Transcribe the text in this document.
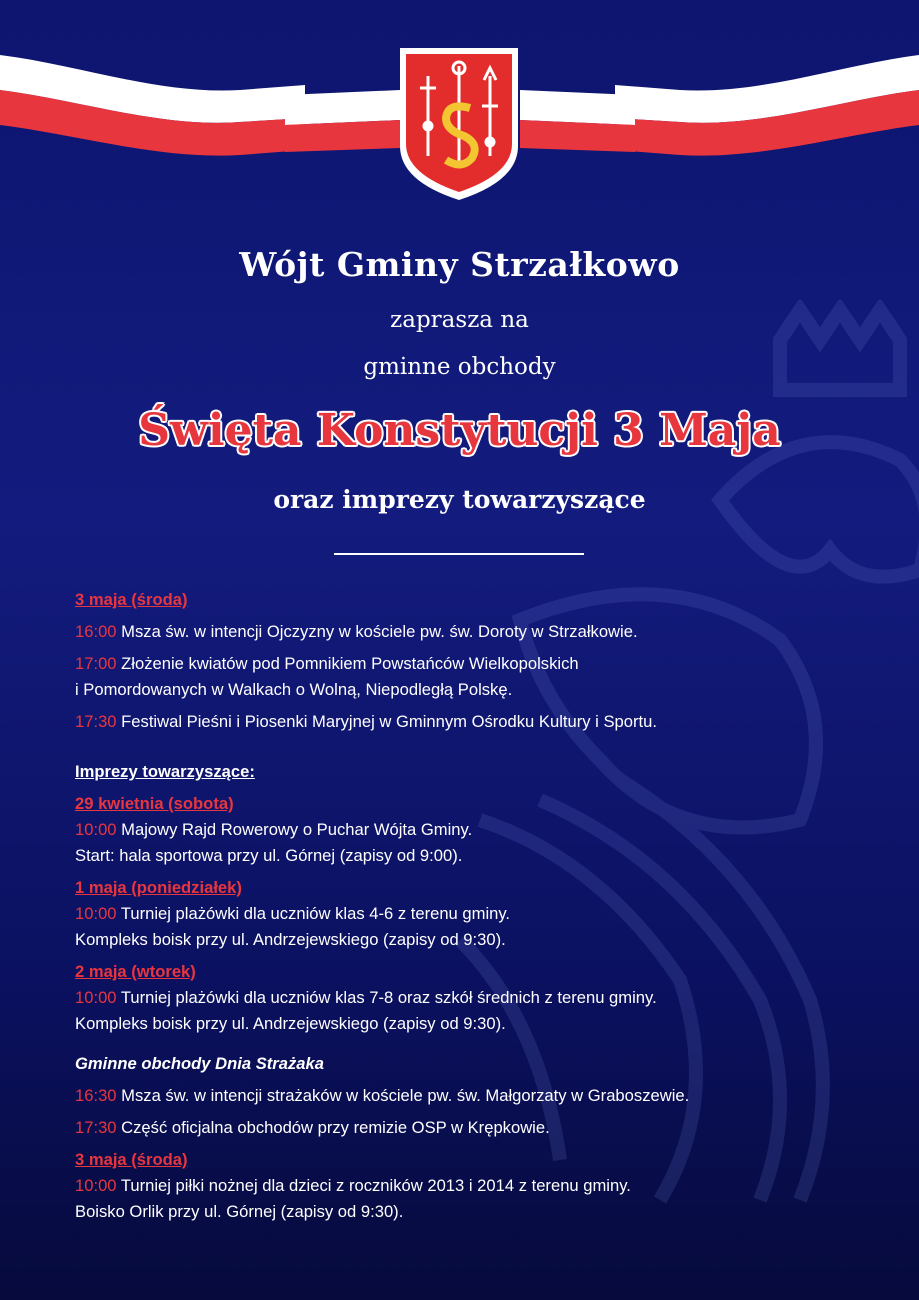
Wójt Gminy Strzałkowo
zaprasza na
gminne obchody
Święta Konstytucji 3 Maja
oraz imprezy towarzyszące
3 maja (środa)
16:00 Msza św. w intencji Ojczyzny w kościele pw. św. Doroty w Strzałkowie.
17:00 Złożenie kwiatów pod Pomnikiem Powstańców Wielkopolskich
i Pomordowanych w Walkach o Wolną, Niepodległą Polskę.
17:30 Festiwal Pieśni i Piosenki Maryjnej w Gminnym Ośrodku Kultury i Sportu.
Imprezy towarzyszące:
29 kwietnia (sobota)
10:00 Majowy Rajd Rowerowy o Puchar Wójta Gminy.
Start: hala sportowa przy ul. Górnej (zapisy od 9:00).
1 maja (poniedziałek)
10:00 Turniej plażówki dla uczniów klas 4-6 z terenu gminy.
Kompleks boisk przy ul. Andrzejewskiego (zapisy od 9:30).
2 maja (wtorek)
10:00 Turniej plażówki dla uczniów klas 7-8 oraz szkół średnich z terenu gminy.
Kompleks boisk przy ul. Andrzejewskiego (zapisy od 9:30).
Gminne obchody Dnia Strażaka
16:30 Msza św. w intencji strażaków w kościele pw. św. Małgorzaty w Graboszewie.
17:30 Część oficjalna obchodów przy remizie OSP w Krępkowie.
3 maja (środa)
10:00 Turniej piłki nożnej dla dzieci z roczników 2013 i 2014 z terenu gminy.
Boisko Orlik przy ul. Górnej (zapisy od 9:30).
